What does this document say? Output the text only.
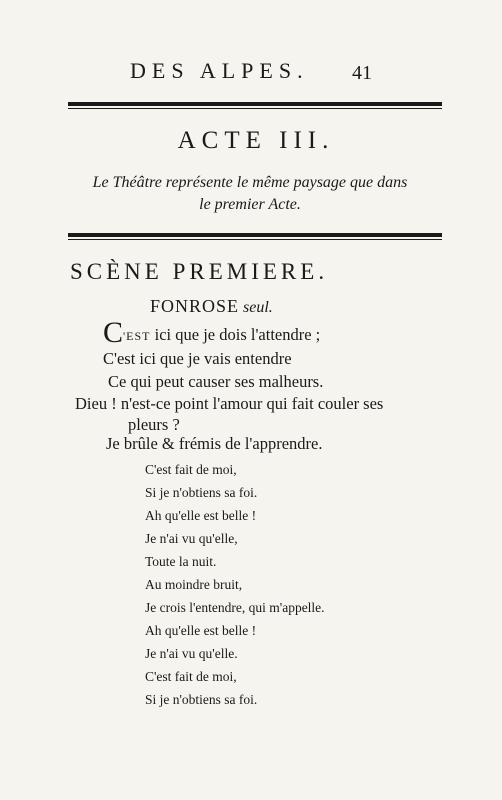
DES ALPES. 41
ACTE III.
Le Théâtre représente le même paysage que dans
le premier Acte.
SCÈNE PREMIERE.
FONROSE seul.
C'EST ici que je dois l'attendre ;
C'est ici que je vais entendre
Ce qui peut causer ses malheurs.
Dieu ! n'est-ce point l'amour qui fait couler ses
pleurs ?
Je brûle & frémis de l'apprendre.
C'est fait de moi,
Si je n'obtiens sa foi.
Ah qu'elle est belle !
Je n'ai vu qu'elle,
Toute la nuit.
Au moindre bruit,
Je crois l'entendre, qui m'appelle.
Ah qu'elle est belle !
Je n'ai vu qu'elle.
C'est fait de moi,
Si je n'obtiens sa foi.
